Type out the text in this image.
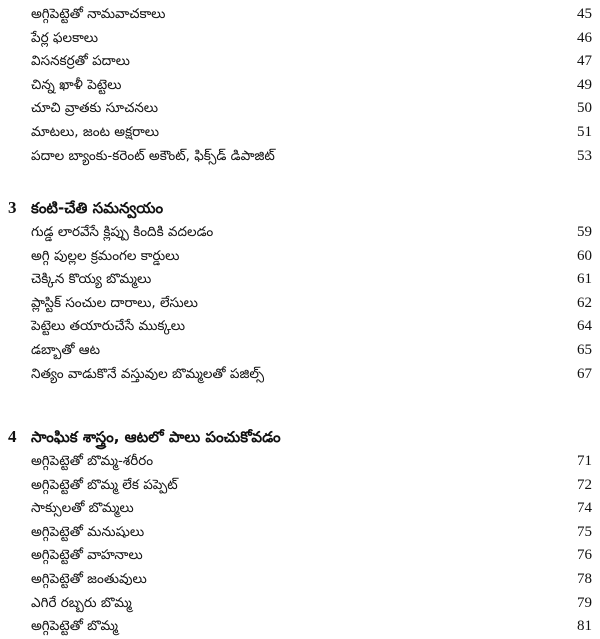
అగ్గిపెట్టెతో నామవాచకాలు	45
పేర్ల ఫలకాలు	46
విసనకర్రతో పదాలు	47
చిన్న ఖాళీ పెట్టెలు	49
చూచి వ్రాతకు సూచనలు	50
మాటలు, జంట అక్షరాలు	51
పదాల బ్యాంకు-కరెంట్ అకౌంట్, ఫిక్స్‌డ్ డిపాజిట్	53
3 కంటి-చేతి సమన్వయం
గుడ్డ లారవేసే క్లిప్పు కిందికి వదలడం	59
అగ్గి పుల్లల క్రమంగల కార్డులు	60
చెక్కిన కొయ్య బొమ్మలు	61
ప్లాస్టిక్ సంచుల దారాలు, లేసులు	62
పెట్టెలు తయారుచేసే ముక్కలు	64
డబ్బాతో ఆట	65
నిత్యం వాడుకొనే వస్తువుల బొమ్మలతో పజిల్స్	67
4 సాంఘిక శాస్త్రం, ఆటలో పాలు పంచుకోవడం
అగ్గిపెట్టెతో బొమ్మ-శరీరం	71
అగ్గిపెట్టెతో బొమ్మ లేక పప్పెట్	72
సాక్సులతో బొమ్మలు	74
అగ్గిపెట్టెతో మనుషులు	75
అగ్గిపెట్టెతో వాహనాలు	76
అగ్గిపెట్టెతో జంతువులు	78
ఎగిరే రబ్బరు బొమ్మ	79
అగ్గిపెట్టెతో బొమ్మ	81
